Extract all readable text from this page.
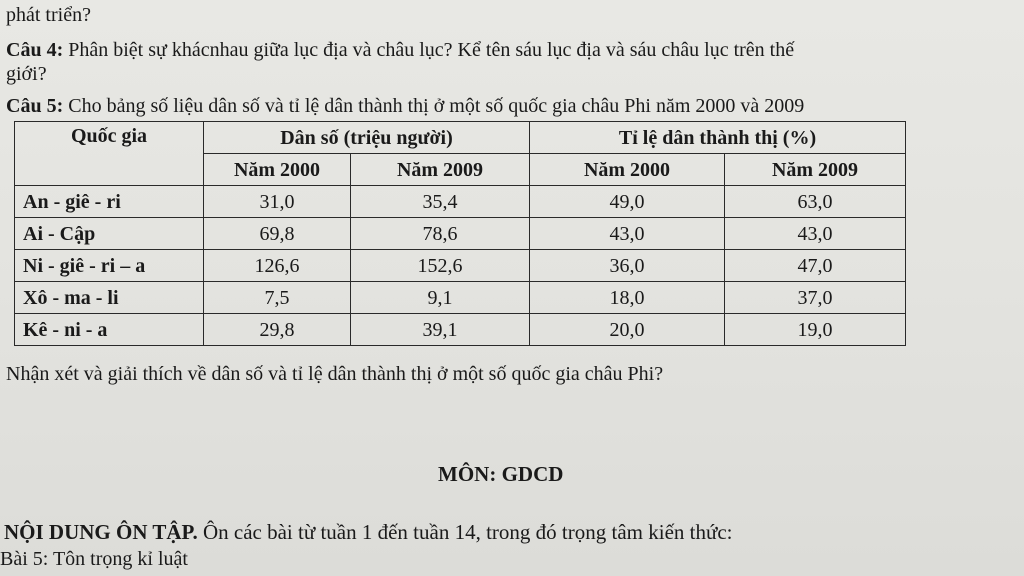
phát triển?
Câu 4: Phân biệt sự khácnhau giữa lục địa và châu lục? Kể tên sáu lục địa và sáu châu lục trên thế
giới?
Câu 5: Cho bảng số liệu dân số và tỉ lệ dân thành thị ở một số quốc gia châu Phi năm 2000 và 2009
Quốc gia	Dân số (triệu người)		Tỉ lệ dân thành thị (%)	
	Năm 2000	Năm 2009	Năm 2000	Năm 2009
An - giê - ri	31,0	35,4	49,0	63,0
Ai - Cập	69,8	78,6	43,0	43,0
Ni - giê - ri – a	126,6	152,6	36,0	47,0
Xô - ma - li	7,5	9,1	18,0	37,0
Kê - ni - a	29,8	39,1	20,0	19,0
Nhận xét và giải thích về dân số và tỉ lệ dân thành thị ở một số quốc gia châu Phi?
MÔN: GDCD
NỘI DUNG ÔN TẬP. Ôn các bài từ tuần 1 đến tuần 14, trong đó trọng tâm kiến thức:
Bài 5: Tôn trọng kỉ luật
